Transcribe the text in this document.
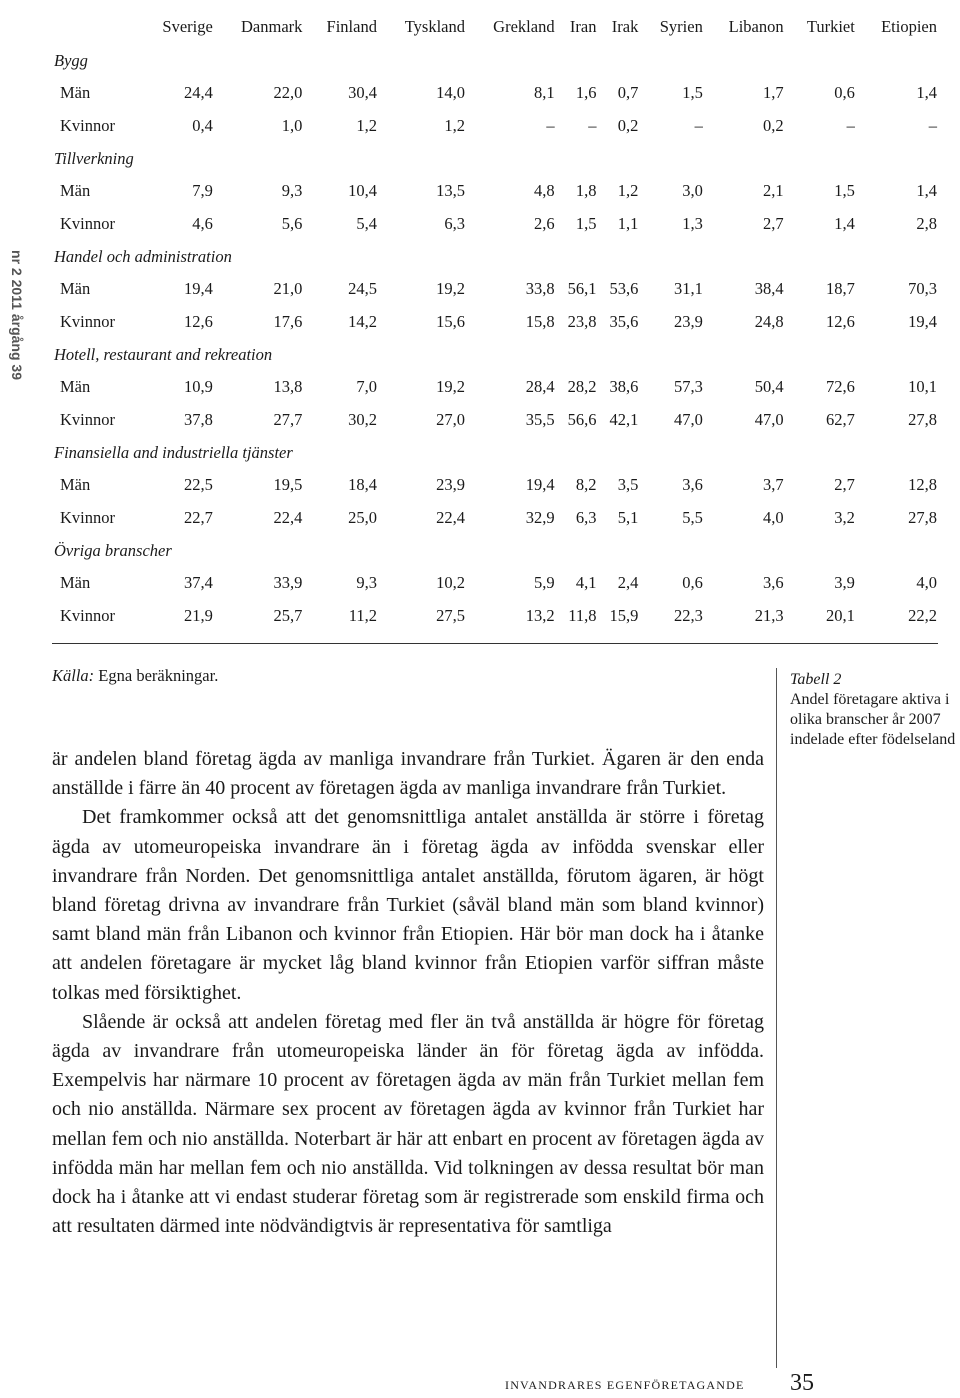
nr 2 2011 årgång 39
	Sverige	Danmark	Finland	Tyskland	Grekland	Iran	Irak	Syrien	Libanon	Turkiet	Etiopien
Bygg											
Män	24,4	22,0	30,4	14,0	8,1	1,6	0,7	1,5	1,7	0,6	1,4
Kvinnor	0,4	1,0	1,2	1,2	–	–	0,2	–	0,2	–	–
Tillverkning											
Män	7,9	9,3	10,4	13,5	4,8	1,8	1,2	3,0	2,1	1,5	1,4
Kvinnor	4,6	5,6	5,4	6,3	2,6	1,5	1,1	1,3	2,7	1,4	2,8
Handel och administration											
Män	19,4	21,0	24,5	19,2	33,8	56,1	53,6	31,1	38,4	18,7	70,3
Kvinnor	12,6	17,6	14,2	15,6	15,8	23,8	35,6	23,9	24,8	12,6	19,4
Hotell, restaurant and rekreation											
Män	10,9	13,8	7,0	19,2	28,4	28,2	38,6	57,3	50,4	72,6	10,1
Kvinnor	37,8	27,7	30,2	27,0	35,5	56,6	42,1	47,0	47,0	62,7	27,8
Finansiella and industriella tjänster											
Män	22,5	19,5	18,4	23,9	19,4	8,2	3,5	3,6	3,7	2,7	12,8
Kvinnor	22,7	22,4	25,0	22,4	32,9	6,3	5,1	5,5	4,0	3,2	27,8
Övriga branscher											
Män	37,4	33,9	9,3	10,2	5,9	4,1	2,4	0,6	3,6	3,9	4,0
Kvinnor	21,9	25,7	11,2	27,5	13,2	11,8	15,9	22,3	21,3	20,1	22,2
Källa: Egna beräkningar.	Tabell 2
Andel företagare aktiva i olika branscher år 2007 indelade efter födelseland

är andelen bland företag ägda av manliga invandrare från Turkiet. Ägaren är den enda anställde i färre än 40 procent av företagen ägda av manliga invandrare från Turkiet.

Det framkommer också att det genomsnittliga antalet anställda är större i företag ägda av utomeuropeiska invandrare än i företag ägda av infödda svenskar eller invandrare från Norden. Det genomsnittliga antalet anställda, förutom ägaren, är högt bland företag drivna av invandrare från Turkiet (såväl bland män som bland kvinnor) samt bland män från Libanon och kvinnor från Etiopien. Här bör man dock ha i åtanke att andelen företagare är mycket låg bland kvinnor från Etiopien varför siffran måste tolkas med försiktighet.

Slående är också att andelen företag med fler än två anställda är högre för företag ägda av invandrare från utomeuropeiska länder än för företag ägda av infödda. Exempelvis har närmare 10 procent av företagen ägda av män från Turkiet mellan fem och nio anställda. Närmare sex procent av företagen ägda av kvinnor från Turkiet har mellan fem och nio anställda. Noterbart är här att enbart en procent av företagen ägda av infödda män har mellan fem och nio anställda. Vid tolkningen av dessa resultat bör man dock ha i åtanke att vi endast studerar företag som är registrerade som enskild firma och att resultaten därmed inte nödvändigtvis är representativa för samtliga

INVANDRARES EGENFÖRETAGANDE 35
